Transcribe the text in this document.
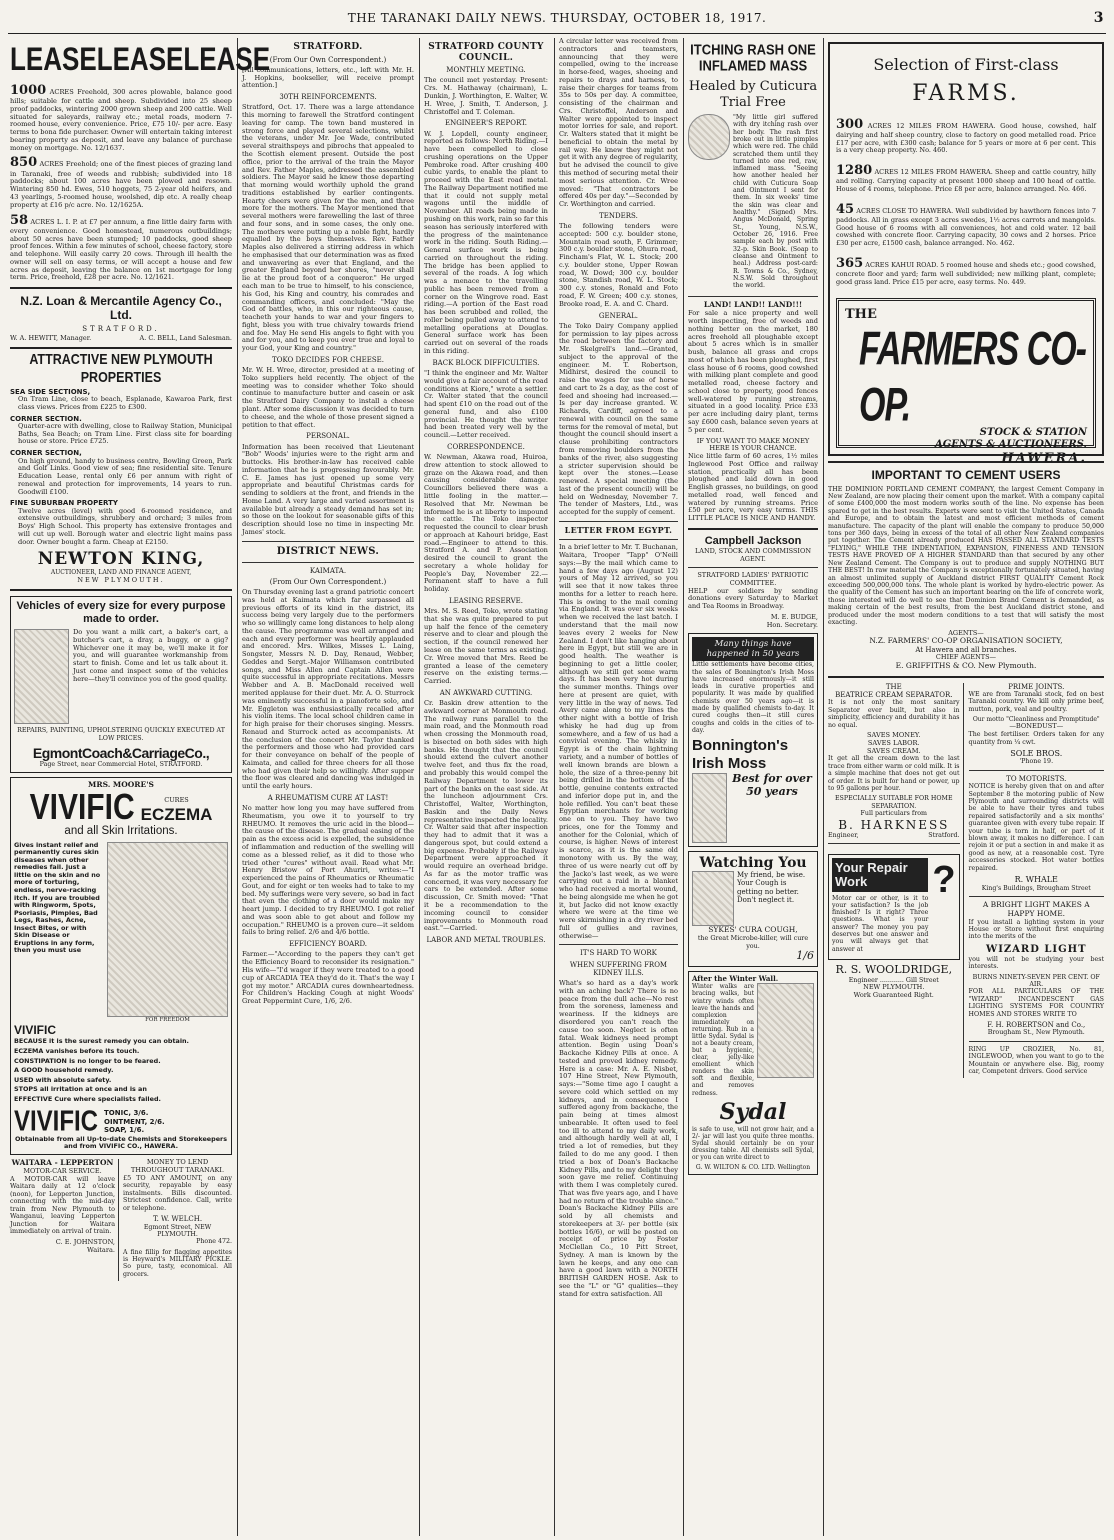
THE TARANAKI DAILY NEWS. THURSDAY, OCTOBER 18, 1917.	3
LEASE LEASE LEASE

1000 ACRES Freehold, 300 acres plowable, balance good hills; suitable for cattle and sheep. Subdivided into 25 sheep proof paddocks, wintering 2000 grown sheep and 200 cattle. Well situated for saleyards, railway etc.; metal roads, modern 7-roomed house, every convenience. Price, £75 10/- per acre. Easy terms to bona fide purchaser. Owner will entertain taking interest bearing property as deposit, and leave any balance of purchase money on mortgage. No. 12/1637.

850 ACRES Freehold; one of the finest pieces of grazing land in Taranaki, free of weeds and rubbish; subdivided into 18 paddocks; about 100 acres have been plowed and resown. Wintering 850 hd. Ewes, 510 hoggets, 75 2-year old heifers, and 43 yearlings, 5-roomed house, woolshed, dip etc. A really cheap property at £16 p/c acre. No. 12/1625A.

58 ACRES L. I. P. at £7 per annum, a fine little dairy farm with every convenience. Good homestead, numerous outbuildings; about 50 acres have been stumped; 10 paddocks, good sheep proof fences. Within a few minutes of school, cheese factory, store and telephone. Will easily carry 20 cows. Through ill health the owner will sell on easy terms, or will accept a house and few acres as deposit, leaving the balance on 1st mortgage for long term. Price, freehold, £28 per acre. No. 12/1621.

N.Z. Loan & Mercantile Agency Co., Ltd.
STRATFORD.
W. A. HEWITT, Manager.	A. C. BELL, Land Salesman.
ATTRACTIVE NEW PLYMOUTH PROPERTIES
SEA SIDE SECTIONS,

On Tram Line, close to beach, Esplanade, Kawaroa Park, first class views. Prices from £225 to £300.

CORNER SECTION.

Quarter-acre with dwelling, close to Railway Station, Municipal Baths, Sea Beach; on Tram Line. First class site for boarding house or store. Price £725.

CORNER SECTION,

On high ground, handy to business centre, Bowling Green, Park and Golf Links. Good view of sea; fine residential site. Tenure Education Lease, rental only £6 per annum with right of renewal and protection for improvements, 14 years to run. Goodwill £100.

FINE SUBURBAN PROPERTY

Twelve acres (level) with good 6-roomed residence, and extensive outbuildings, shrubbery and orchard; 3 miles from Boys' High School. This property has extensive frontages and will cut up well. Borough water and electric light mains pass door. Owner bought a farm. Cheap at £2150.

NEWTON KING,
AUCTIONEER, LAND AND FINANCE AGENT,
NEW PLYMOUTH.
Vehicles of every size for every purpose made to order.

Do you want a milk cart, a baker's cart, a butcher's cart, a dray, a buggy, or a gig? Whichever one it may be, we'll make it for you, and will guarantee workmanship from start to finish. Come and let us talk about it. Just come and inspect some of the vehicles here—they'll convince you of the good quality.

REPAIRS, PAINTING, UPHOLSTERING QUICKLY EXECUTED AT LOW PRICES.
EgmontCoach&CarriageCo.,
Page Street, near Commercial Hotel, STRATFORD.
MRS. MOORE'S
VIVIFIC	CURES
ECZEMA
and all Skin Irritations.

Gives instant relief and permanently cures skin diseases when other remedies fail. Just a little on the skin and no more of torturing, endless, nerve-racking itch. If you are troubled with Ringworm, Spots, Psoriasis, Pimples, Bad Legs, Rashes, Acne, Insect Bites, or with Skin Disease or Eruptions in any form, then you must use

FOR FREEDOM
VIVIFIC
BECAUSE it is the surest remedy you can obtain.
ECZEMA vanishes before its touch.
CONSTIPATION is no longer to be feared.
A GOOD household remedy.
USED with absolute safety.
STOPS all irritation at once and is an
EFFECTIVE Cure where specialists failed.
VIVIFIC TONIC, 3/6.
OINTMENT, 2/6.
SOAP, 1/6.
Obtainable from all Up-to-date Chemists and Storekeepers and from VIVIFIC CO., HAWERA.
WAITARA - LEPPERTON
MOTOR-CAR SERVICE.

A MOTOR-CAR will leave Waitara daily at 12 o'clock (noon), for Lepperton Junction, connecting with the mid-day train from New Plymouth to Wanganui, leaving Lepperton Junction for Waitara immediately on arrival of train.

C. E. JOHNSTON,
Waitara.
MONEY TO LEND THROUGHOUT TARANAKI.

£5 TO ANY AMOUNT, on any security, repayable by easy instalments. Bills discounted. Strictest confidence. Call, write or telephone.

T. W. WELCH.
Egmont Street, NEW PLYMOUTH.
Phone 472.

A fine fillip for flagging appetites is Heyward's MILITARY PICKLE. So pure, tasty, economical. All grocers.

STRATFORD.
(From Our Own Correspondent.)

[All communications, letters, etc., left with Mr. H. J. Hopkins, bookseller, will receive prompt attention.]

30TH REINFORCEMENTS.

Stratford, Oct. 17. There was a large attendance this morning to farewell the Stratford contingent leaving for camp. The town band mustered in strong force and played several selections, whilst the veterans, under Mr. Joe Wade, contributed several straithspeys and pibrochs that appealed to the Scottish element present. Outside the post office, prior to the arrival of the train the Mayor and Rev. Father Maples, addressed the assembled soldiers. The Mayor said he knew those departing that morning would worthily uphold the grand traditions established by earlier contingents. Hearty cheers were given for the men, and three more for the mothers. The Mayor mentioned that several mothers were farewelling the last of three and four sons, and in some cases, the only one. The mothers were putting up a noble fight, hardly equalled by the boys themselves. Rev. Father Maples also delivered a stirring address in which he emphasised that our determination was as fixed and unwavering as ever that England, and the greater England beyond her shores, "never shall lie at the proud foot of a conqueror." He urged each man to be true to himself, to his conscience, his God, his King and country, his comrades and commanding officers, and concluded: "May the God of battles, who, in this our righteous cause, teacheth your hands to war and your fingers to fight, bless you with true chivalry towards friend and foe. May He send His angels to fight with you and for you, and to keep you ever true and loyal to your God, your King and country."

TOKO DECIDES FOR CHEESE.

Mr. W. H. Wree, director, presided at a meeting of Toko suppliers held recently. The object of the meeting was to consider whether Toko should continue to manufacture butter and casein or ask the Stratford Dairy Company to install a cheese plant. After some discussion it was decided to turn to cheese, and the whole of those present signed a petition to that effect.

PERSONAL.

Information has been received that Lieutenant "Bob" Woods' injuries were to the right arm and buttocks. His brother-in-law has received cable information that he is progressing favourably. Mr. C. E. James has just opened up some very appropriate and beautiful Christmas cards for sending to soldiers at the front, and friends in the Home Land. A very large and varied assortment is available but already a steady demand has set in; so those on the lookout for seasonable gifts of this description should lose no time in inspecting Mr. James' stock.

DISTRICT NEWS.
KAIMATA.
(From Our Own Correspondent.)

On Thursday evening last a grand patriotic concert was held at Kaimata which far surpassed all previous efforts of its kind in the district, its success being very largely due to the performers who so willingly came long distances to help along the cause. The programme was well arranged and each and every performer was heartily applauded and encored. Mrs. Wilkes, Misses L. Laing, Songster, Messrs N. D. Day, Renaud, Webber, Geddes and Sergt.-Major Williamson contributed songs, and Miss Allen and Captain Allen were quite successful in appropriate recitations. Messrs Webber and A. B. MacDonald received well merited applause for their duet. Mr. A. O. Sturrock was eminently successful in a pianoforte solo, and Mr. Eggleton was enthusiastically recalled after his violin items. The local school children came in for high praise for their choruses singing. Messrs. Renaud and Sturrock acted as accompanists. At the conclusion of the concert Mr. Taylor thanked the performers and those who had provided cars for their conveyance on behalf of the people of Kaimata, and called for three cheers for all those who had given their help so willingly. After supper the floor was cleared and dancing was indulged in until the early hours.

A RHEUMATISM CURE AT LAST!

No matter how long you may have suffered from Rheumatism, you owe it to yourself to try RHEUMO. It removes the uric acid in the blood—the cause of the disease. The gradual easing of the pain as the excess acid is expelled, the subsidence of inflammation and reduction of the swelling will come as a blessed relief, as it did to those who tried other "cures" without avail. Read what Mr. Henry Bristow of Port Ahuriri, writes:—"I experienced the pains of Rheumatics or Rheumatic Gout, and for eight or ten weeks had to take to my bed. My sufferings were very severe, so bad in fact that even the clothing of a door would make my heart jump. I decided to try RHEUMO. I got relief and was soon able to get about and follow my occupation." RHEUMO is a proven cure—it seldom fails to bring relief. 2/6 and 4/6 bottle.

EFFICIENCY BOARD.

Farmer.—"According to the papers they can't get the Efficiency Board to reconsider its resignation." His wife—"I'd wager if they were treated to a good cup of ARCADIA TEA they'd do it. That's the way I got my motor." ARCADIA cures downheartedness. For Children's Hacking Cough at night Woods' Great Peppermint Cure, 1/6, 2/6.

STRATFORD COUNTY COUNCIL.
MONTHLY MEETING.

The council met yesterday. Present: Crs. M. Hathaway (chairman), L. Dunkin, J. Worthington, E. Walter, W. H. Wree, J. Smith, T. Anderson, J. Christoffel and T. Coleman.

ENGINEER'S REPORT.

W. J. Lopdell, county engineer, reported as follows: North Riding.—I have been compelled to close crushing operations on the Upper Pembroke road. After crushing 400 cubic yards, to enable the plant to proceed with the East road metal. The Railway Department notified me that it could not supply metal wagons until the middle of November. All roads being made in pushing on this work, rain so far this season has seriously interfered with the progress of the maintenance work in the riding. South Riding.—General surface work is being carried on throughout the riding. The bridge has been applied to several of the roads. A log which was a menace to the travelling public has been removed from a corner on the Wingrove road. East riding.—A portion of the East road has been scrubbed and rolled, the roller being pulled away to attend to metalling operations at Douglas. General surface work has been carried out on several of the roads in this riding.

BACK BLOCK DIFFICULTIES.

"I think the engineer and Mr. Walter would give a fair account of the road conditions at Kiore," wrote a settler. Cr. Walter stated that the council had spent £10 on the road out of the general fund, and also £100 provincial. He thought the writer had been treated very well by the council.—Letter received.

CORRESPONDENCE.

W. Newman, Akawa road, Huiroa, drew attention to stock allowed to graze on the Akawa road, and then causing considerable damage. Councillors believed there was a little fooling in the matter.—Resolved that Mr. Newman be informed he is at liberty to impound the cattle. The Toko inspector requested the council to clear brush or approach at Kahouri bridge, East road.—Engineer to attend to this. Stratford A. and P. Association desired the council to grant the secretary a whole holiday for People's Day, November 22.—Permanent staff to have a full holiday.

LEASING RESERVE.

Mrs. M. S. Reed, Toko, wrote stating that she was quite prepared to put up half the fence of the cemetery reserve and to clear and plough the section, if the council renewed her lease on the same terms as existing. Cr. Wree moved that Mrs. Reed be granted a lease of the cemetery reserve on the existing terms.—Carried.

AN AWKWARD CUTTING.

Cr. Baskin drew attention to the awkward corner at Monmouth road. The railway runs parallel to the main road, and the Monmouth road when crossing the Monmouth road, is bisected on both sides with high banks. He thought that the council should extend the culvert another twelve feet, and thus fix the road, and probably this would compel the Railway Department to lower its part of the banks on the east side. At the luncheon adjournment Crs. Christoffel, Walter, Worthington, Baskin and the Daily News representative inspected the locality. Cr. Walter said that after inspection they had to admit that it was a dangerous spot, but could extend a big expense. Probably if the Railway Department were approached it would require an overhead bridge. As far as the motor traffic was concerned, it was very necessary for cars to be extended. After some discussion, Cr. Smith moved: "That it be a recommendation to the incoming council to consider improvements to Monmouth road east."—Carried.

LABOR AND METAL TROUBLES.

A circular letter was received from contractors and teamsters, announcing that they were compelled, owing to the increase in horse-feed, wages, shoeing and repairs to drays and harness, to raise their charges for teams from 35s to 50s per day. A committee, consisting of the chairman and Crs. Christoffel, Anderson and Walter were appointed to inspect motor lorries for sale, and report. Cr. Walters stated that it might be beneficial to obtain the metal by rail way. He knew they might not get it with any degree of regularity, but he advised the council to give this method of securing metal their most serious attention. Cr. Wree moved: "That contractors be offered 40s per day."—Seconded by Cr. Worthington and carried.

TENDERS.

The following tenders were accepted: 500 c.y. boulder stone, Mountain road south, F. Grimmer; 300 c.y. boulder stone, Ohura road, Fincham's Flat, W. L. Stock; 200 c.y. boulder stone, Upper Rowan road, W. Dowd; 300 c.y. boulder stone, Standish road, W. L. Stock; 300 c.y. stones, Ronald and Foto road, F. W. Green; 400 c.y. stones, Brooke road, E. A. and C. Chard.

GENERAL.

The Toko Dairy Company applied for permission to lay pipes across the road between the factory and Mr. Skelgrell's land.—Granted, subject to the approval of the engineer. M. T. Robertson, Midhirst, desired the council to raise the wages for use of horse and cart to 2s a day, as the cost of feed and shoeing had increased.—Is per day increase granted. W. Richards, Cardiff, agreed to a renewal with council on the same terms for the removal of metal, but thought the council should insert a clause prohibiting contractors from removing boulders from the banks of the river, also suggesting a stricter supervision should be kept over the stones.—Lease renewed. A special meeting (the last of the present council) will be held on Wednesday, November 7. The tender of Masters, Ltd., was accepted for the supply of cement.

LETTER FROM EGYPT.

In a brief letter to Mr. T. Buchanan, Waitara, Trooper "Tapp" O'Neill says:—By the mail which came to hand a few days ago (August 12) yours of May 12 arrived, so you will see that it now takes three months for a letter to reach here. This is owing to the mail coming via England. It was over six weeks when we received the last batch. I understand that the mail now leaves every 2 weeks for New Zealand. I don't like hanging about here in Egypt, but still we are in good health. The weather is beginning to get a little cooler, although we still get some warm days. It has been very hot during the summer months. Things over here at present are quiet, with very little in the way of news. Ted Avery came along to my lines the other night with a bottle of Irish whisky he had dug up from somewhere, and a few of us had a convivial evening. The whisky in Egypt is of the chain lightning variety, and a number of bottles of well known brands are blown a hole, the size of a three-penny bit being drilled in the bottom of the bottle, genuine contents extracted and inferior dope put in, and the hole refilled. You can't beat these Egyptian merchants for working one on to you. They have two prices, one for the Tommy and another for the Colonial, which of course, is higher. News of interest is scarce, as it is the same old monotony with us. By the way, three of us were nearly cut off by the Jacko's last week, as we were carrying out a raid in a blanket who had received a mortal wound, he being alongside me when he got it, but Jacko did not know exactly where we were at the time we were skirmishing in a dry river bed full of gullies and ravines, otherwise—

IT'S HARD TO WORK
WHEN SUFFERING FROM KIDNEY ILLS.

What's so hard as a day's work with an aching back? There is no peace from the dull ache—No rest from the soreness, lameness and weariness. If the kidneys are disordered you can't reach the cause too soon. Neglect is often fatal. Weak kidneys need prompt attention. Begin using Doan's Backache Kidney Pills at once. A tested and proved kidney remedy. Here is a case: Mr. A. E. Nisbet, 107 Hine Street, New Plymouth, says:—"Some time ago I caught a severe cold which settled on my kidneys, and in consequence I suffered agony from backache, the pain being at times almost unbearable. It often used to feel too ill to attend to my daily work, and although hardly well at all, I tried a lot of remedies, but they failed to do me any good. I then tried a box of Doan's Backache Kidney Pills, and to my delight they soon gave me relief. Continuing with them I was completely cured. That was five years ago, and I have had no return of the trouble since." Doan's Backache Kidney Pills are sold by all chemists and storekeepers at 3/- per bottle (six bottles 16/6), or will be posted on receipt of price by Foster McClellan Co., 10 Pitt Street, Sydney. A man is known by the lawn he keeps, and any one can have a good lawn with a NORTH BRITISH GARDEN HOSE. Ask to see the "L" or "G" qualities—they stand for extra satisfaction. All

ITCHING RASH ONE INFLAMED MASS
Healed by Cuticura Trial Free

"My little girl suffered with dry itching rash over her body. The rash first broke out in little pimples which were red. The child scratched them until they turned into one red, raw, inflamed mass. "Seeing how another healed her child with Cuticura Soap and Ointment I sent for them. In six weeks' time the skin was clear and healthy." (Signed) Mrs. Angus McDonald, Spring St., Young, N.S.W., October 26, 1916. Free sample each by post with 32-p. Skin Book. (Soap to cleanse and Ointment to heal.) Address post-card: R. Towns & Co., Sydney, N.S.W. Sold throughout the world.

LAND! LAND!! LAND!!!

For sale a nice property and well worth inspecting, free of weeds and nothing better on the market, 180 acres freehold all ploughable except about 5 acres which is in smaller bush, balance all grass and crops most of which has been ploughed, first class house of 6 rooms, good cowshed with milking plant complete and good metalled road, cheese factory and school close to property, good fences well-watered by running streams, situated in a good locality. Price £33 per acre including dairy plant, terms say £600 cash, balance seven years at 5 per cent.

IF YOU WANT TO MAKE MONEY HERE IS YOUR CHANCE.

Nice little farm of 60 acres, 1½ miles Inglewood Post Office and railway station, practically all has been ploughed and laid down in good English grasses, no buildings, on good metalled road, well fenced and watered by running streams. Price £50 per acre, very easy terms. THIS LITTLE PLACE IS NICE AND HANDY.

Campbell Jackson
LAND, STOCK AND COMMISSION AGENT.
STRATFORD LADIES' PATRIOTIC COMMITTEE.

HELP our soldiers by sending donations every Saturday to Market and Tea Rooms in Broadway.

M. E. BUDGE,
Hon. Secretary.
Many things have happened in 50 years

Little settlements have become cities, the sales of Bonnington's Irish Moss have increased enormously—it still leads in curative properties and popularity. It was made by qualified chemists over 50 years ago—it is made by qualified chemists to-day. It cured coughs then—it still cures coughs and colds in the cities of to-day.

Bonnington's
Irish Moss
Best for over 50 years
Watching You

My friend, be wise. Your Cough is getting no better. Don't neglect it.

SYKES' CURA COUGH,
the Great Microbe-killer, will cure you.
1/6
After the Winter Wall.

Winter walks are bracing walks, but wintry winds often leave the hands and complexion immediately on returning. Rub in a little Sydal. Sydal is not a beauty cream, but a hygienic, clear, jelly-like emollient which renders the skin soft and flexible, and removes redness.

Sydal

is safe to use, will not grow hair, and a 2/- jar will last you quite three months. Sydal should certainly be on your dressing table. All chemists sell Sydal, or you can write direct to

G. W. WILTON & CO. LTD. Wellington
Selection of First-class
FARMS.

300 ACRES 12 MILES FROM HAWERA. Good house, cowshed, half dairying and half sheep country, close to factory on good metalled road. Price £17 per acre, with £300 cash; balance for 5 years or more at 6 per cent. This is a very cheap property. No. 460.

1280 ACRES 12 MILES FROM HAWERA. Sheep and cattle country, hilly and rolling. Carrying capacity at present 1000 sheep and 100 head of cattle. House of 4 rooms, telephone. Price £8 per acre, balance arranged. No. 466.

45 ACRES CLOSE TO HAWERA. Well subdivided by hawthorn fences into 7 paddocks. All in grass except 3 acres swedes, 1½ acres carrots and mangolds. Good house of 6 rooms with all conveniences, hot and cold water. 12 bail cowshed with concrete floor. Carrying capacity, 30 cows and 2 horses. Price £30 per acre, £1500 cash, balance arranged. No. 462.

365 ACRES KAHUI ROAD. 5 roomed house and sheds etc.; good cowshed, concrete floor and yard; farm well subdivided; new milking plant, complete; good grass land. Price £15 per acre, easy terms. No. 449.

THE
FARMERS CO-OP.
STOCK & STATION
AGENTS & AUCTIONEERS.
HAWERA.
IMPORTANT TO CEMENT USERS

THE DOMINION PORTLAND CEMENT COMPANY, the largest Cement Company in New Zealand, are now placing their cement upon the market. With a company capital of some £400,000 the most modern works south of the line. No expense has been spared to get in the best results. Experts were sent to visit the United States, Canada and Europe, and to obtain the latest and most efficient methods of cement manufacture. The capacity of the plant will enable the company to produce 50,000 tons per 360 days, being in excess of the total of all other New Zealand companies put together. The Cement already produced HAS PASSED ALL STANDARD TESTS "FLYING," WHILE THE INDENTATION, EXPANSION, FINENESS AND TENSION TESTS HAVE PROVED OF A HIGHER STANDARD than that secured by any other New Zealand Cement. The Company is out to produce and supply NOTHING BUT THE BEST! In raw material the Company is exceptionally fortunately situated, having an almost unlimited supply of Auckland district FIRST QUALITY Cement Rock exceeding 500,000,000 tons. The whole plant is worked by hydro-electric power. As the quality of the Cement has such an important bearing on the life of concrete work, those interested will do well to see that Dominion Brand Cement is demanded, as making certain of the best results, from the best Auckland district stone, and produced under the most modern conditions to a test that will satisfy the most exacting.

AGENTS—
N.Z. FARMERS' CO-OP ORGANISATION SOCIETY,
At Hawera and all branches.
CHIEF AGENTS—
E. GRIFFITHS & CO. New Plymouth.
THE
BEATRICE CREAM SEPARATOR.

It is not only the most sanitary Separator ever built, but also in simplicity, efficiency and durability it has no equal.

SAVES MONEY.
SAVES LABOR.
SAVES CREAM.

It get all the cream down to the last trace from either warm or cold milk. It is a simple machine that does not get out of order. It is built for hand or power, up to 95 gallons per hour.

ESPECIALLY SUITABLE FOR HOME SEPARATION.
Full particulars from
B. HARKNESS
Engineer,	Stratford.
Your Repair Work

Motor car or other, is it to your satisfaction? Is the job finished? Is it right? Three questions. What is your answer? The money you pay deserves but one answer and you will always get that answer at

?
R. S. WOOLDRIDGE,
Engineer ............ Gill Street
NEW PLYMOUTH.
Work Guaranteed Right.
PRIME JOINTS.

WE are from Taranaki stock, fed on best Taranaki country. We kill only prime beef, mutton, pork, veal and poultry.

Our motto "Cleanliness and Promptitude"
—BONEDUST—

The best fertiliser. Orders taken for any quantity from ¼ cwt.

SOLE BROS.
'Phone 19.
TO MOTORISTS.

NOTICE is hereby given that on and after September 8 the motoring public of New Plymouth and surrounding districts will be able to have their tyres and tubes repaired satisfactorily and a six months' guarantee given with every tube repair. If your tube is torn in half, or part of it blown away, it makes no difference. I can rejoin it or put a section in and make it as good as new, at a reasonable cost. Tyre accessories stocked. Hot water bottles repaired.

R. WHALE
King's Buildings, Brougham Street
A BRIGHT LIGHT MAKES A HAPPY HOME.

If you install a lighting system in your House or Store without first enquiring into the merits of the

WIZARD LIGHT

you will not be studying your best interests.

BURNS NINETY-SEVEN PER CENT. OF AIR.

FOR ALL PARTICULARS OF THE "WIZARD" INCANDESCENT GAS LIGHTING SYSTEMS FOR COUNTRY HOMES AND STORES WRITE TO

F. H. ROBERTSON and Co.,
Brougham St., New Plymouth.

RING UP CROZIER, No. 81, INGLEWOOD, when you want to go to the Mountain or anywhere else. Big, roomy car, Competent drivers. Good service
